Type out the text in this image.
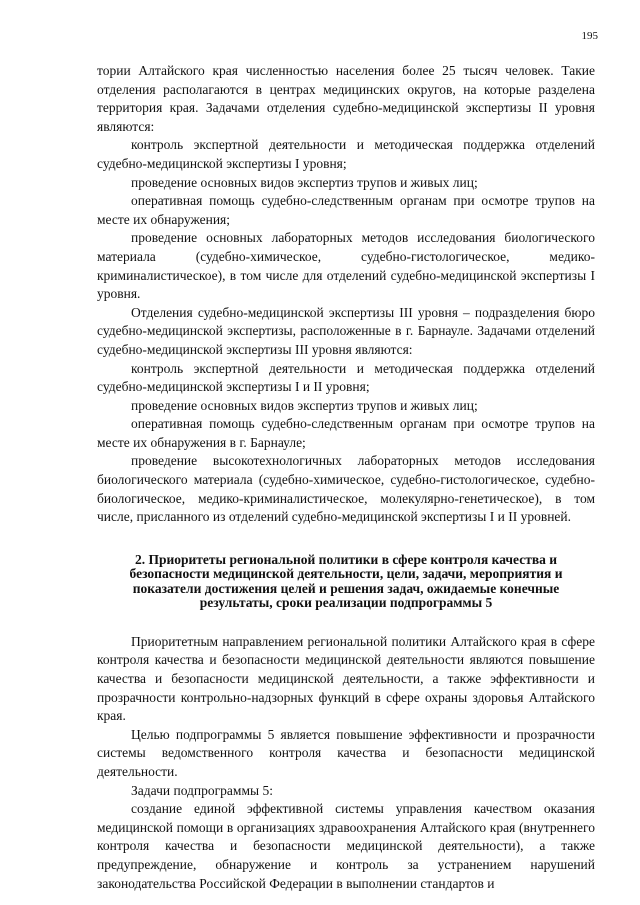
195

тории Алтайского края численностью населения более 25 тысяч человек. Такие отделения располагаются в центрах медицинских округов, на которые разделена территория края. Задачами отделения судебно-медицинской экспертизы II уровня являются:

контроль экспертной деятельности и методическая поддержка отделений судебно-медицинской экспертизы I уровня;

проведение основных видов экспертиз трупов и живых лиц;

оперативная помощь судебно-следственным органам при осмотре трупов на месте их обнаружения;

проведение основных лабораторных методов исследования биологического материала (судебно-химическое, судебно-гистологическое, медико-криминалистическое), в том числе для отделений судебно-медицинской экспертизы I уровня.

Отделения судебно-медицинской экспертизы III уровня – подразделения бюро судебно-медицинской экспертизы, расположенные в г. Барнауле. Задачами отделений судебно-медицинской экспертизы III уровня являются:

контроль экспертной деятельности и методическая поддержка отделений судебно-медицинской экспертизы I и II уровня;

проведение основных видов экспертиз трупов и живых лиц;

оперативная помощь судебно-следственным органам при осмотре трупов на месте их обнаружения в г. Барнауле;

проведение высокотехнологичных лабораторных методов исследования биологического материала (судебно-химическое, судебно-гистологическое, судебно-биологическое, медико-криминалистическое, молекулярно-генетическое), в том числе, присланного из отделений судебно-медицинской экспертизы I и II уровней.

2. Приоритеты региональной политики в сфере контроля качества и безопасности медицинской деятельности, цели, задачи, мероприятия и показатели достижения целей и решения задач, ожидаемые конечные результаты, сроки реализации подпрограммы 5

Приоритетным направлением региональной политики Алтайского края в сфере контроля качества и безопасности медицинской деятельности являются повышение качества и безопасности медицинской деятельности, а также эффективности и прозрачности контрольно-надзорных функций в сфере охраны здоровья Алтайского края.

Целью подпрограммы 5 является повышение эффективности и прозрачности системы ведомственного контроля качества и безопасности медицинской деятельности.

Задачи подпрограммы 5:

создание единой эффективной системы управления качеством оказания медицинской помощи в организациях здравоохранения Алтайского края (внутреннего контроля качества и безопасности медицинской деятельности), а также предупреждение, обнаружение и контроль за устранением нарушений законодательства Российской Федерации в выполнении стандартов и
